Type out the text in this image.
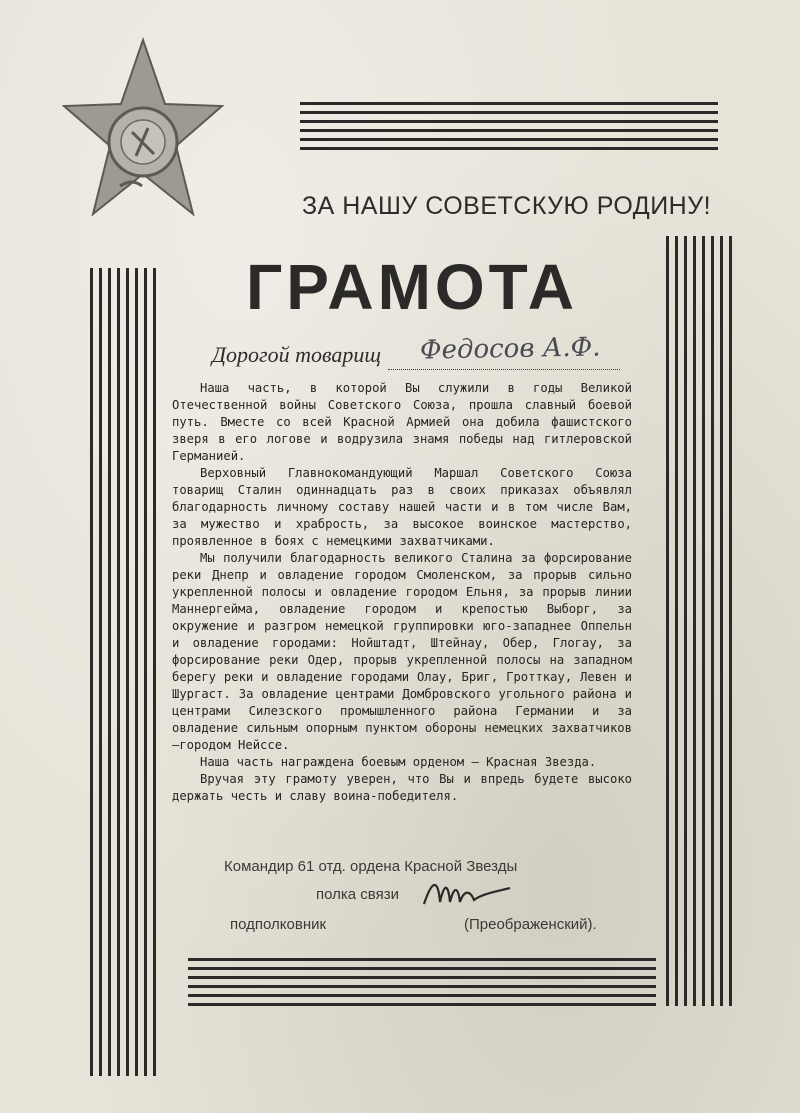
ЗА НАШУ СОВЕТСКУЮ РОДИНУ!
ГРАМОТА
Дорогой товарищ Федосов А.Ф.

Наша часть, в которой Вы служили в годы Великой Отечественной войны Советского Союза, прошла славный боевой путь. Вместе со всей Красной Армией она добила фашистского зверя в его логове и водрузила знамя победы над гитлеровской Германией.

Верховный Главнокомандующий Маршал Советского Союза товарищ Сталин одиннадцать раз в своих приказах объявлял благодарность личному составу нашей части и в том числе Вам, за мужество и храбрость, за высокое воинское мастерство, проявленное в боях с немецкими захватчиками.

Мы получили благодарность великого Сталина за форсирование реки Днепр и овладение городом Смоленском, за прорыв сильно укрепленной полосы и овладение городом Ельня, за прорыв линии Маннергейма, овладение городом и крепостью Выборг, за окружение и разгром немецкой группировки юго-западнее Оппельн и овладение городами: Нойштадт, Штейнау, Обер, Глогау, за форсирование реки Одер, прорыв укрепленной полосы на западном берегу реки и овладение городами Олау, Бриг, Гротткау, Левен и Шургаст. За овладение центрами Домбровского угольного района и центрами Силезского промышленного района Германии и за овладение сильным опорным пунктом обороны немецких захватчиков—городом Нейссе.

Наша часть награждена боевым орденом — Красная Звезда.

Вручая эту грамоту уверен, что Вы и впредь будете высоко держать честь и славу воина-победителя.

Командир 61 отд. ордена Красной Звезды
полка связи
подполковник	(Преображенский).
